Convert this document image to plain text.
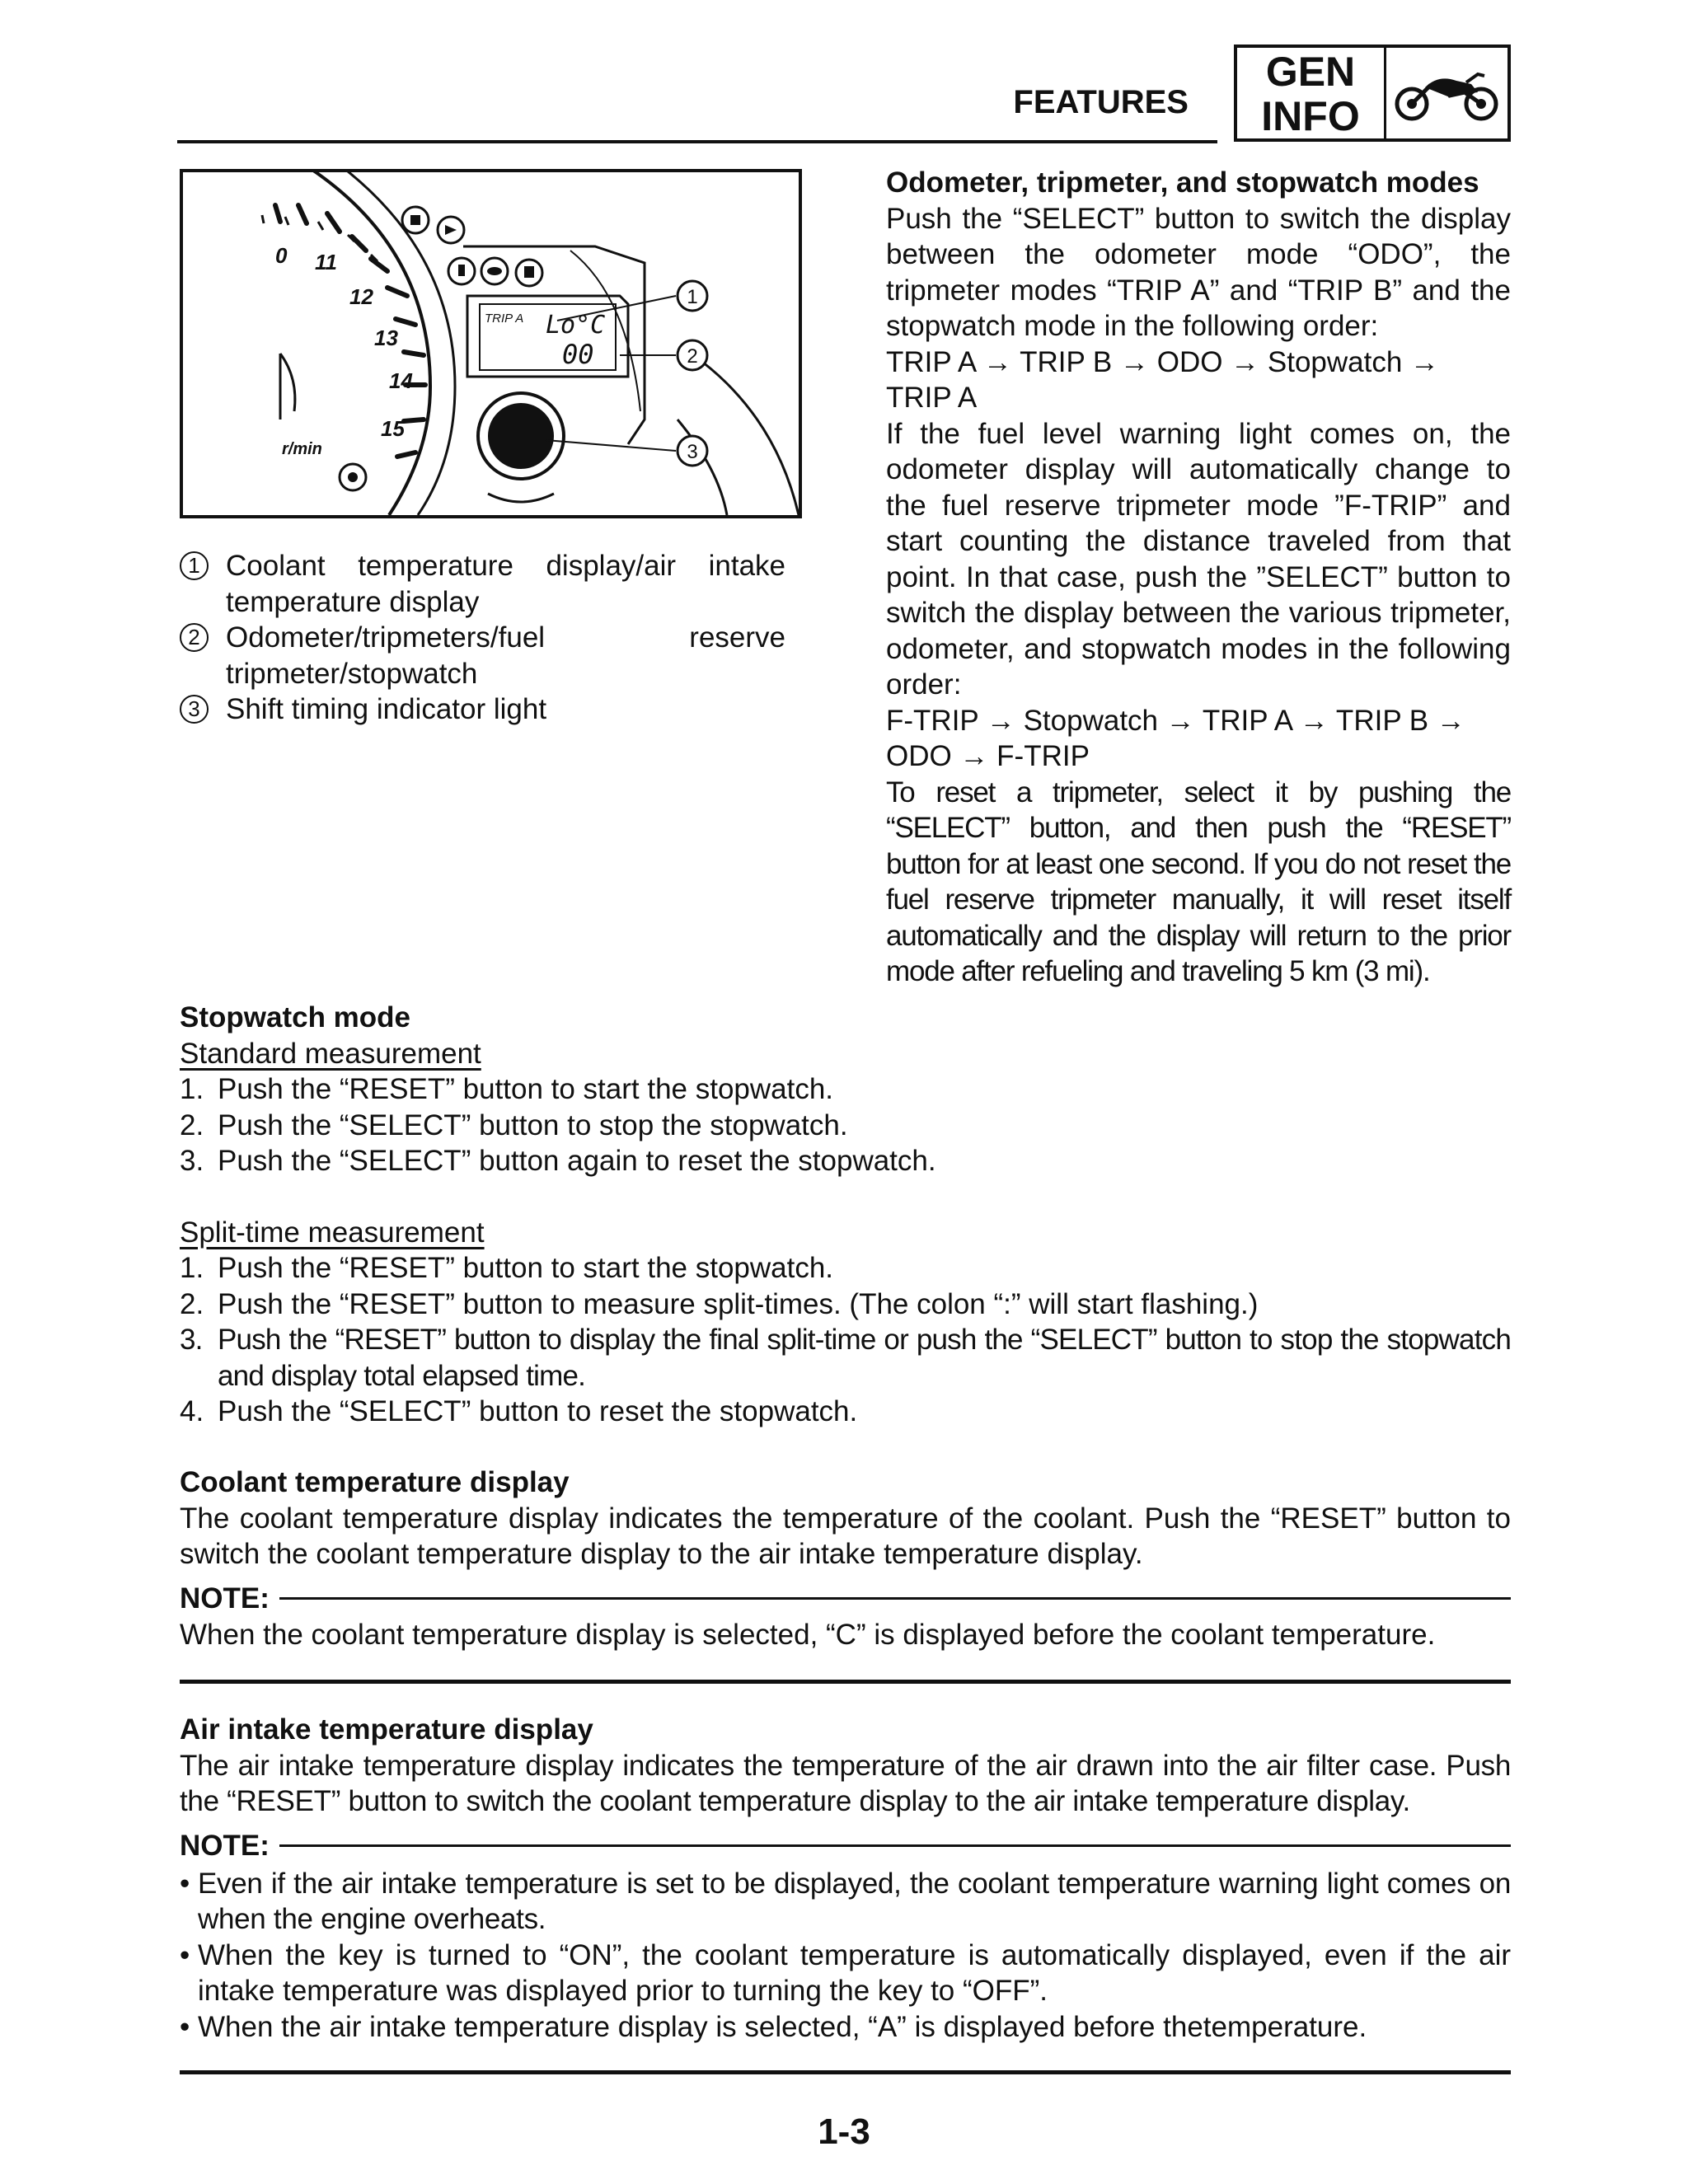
FEATURES
GEN
INFO
0 11
12
13
14
15
r/min
TRIP A Lo°C
00
1
2
3
1 Coolant temperature display/air intake temperature display
2 Odometer/tripmeters/fuel reserve tripmeter/stopwatch
3 Shift timing indicator light
Odometer, tripmeter, and stopwatch modes
Push the “SELECT” button to switch the display between the odometer mode “ODO”, the tripmeter modes “TRIP A” and “TRIP B” and the stopwatch mode in the following order:
TRIP A → TRIP B → ODO → Stopwatch → TRIP A
If the fuel level warning light comes on, the odometer display will automatically change to the fuel reserve tripmeter mode ”F-TRIP” and start counting the distance traveled from that point. In that case, push the ”SELECT” button to switch the display between the various tripmeter, odometer, and stopwatch modes in the following order:
F-TRIP → Stopwatch → TRIP A → TRIP B → ODO → F-TRIP
To reset a tripmeter, select it by pushing the “SELECT” button, and then push the “RESET” button for at least one second. If you do not reset the fuel reserve tripmeter manually, it will reset itself automatically and the display will return to the prior mode after refueling and traveling 5 km (3 mi).
Stopwatch mode
Standard measurement
1. Push the “RESET” button to start the stopwatch.
2. Push the “SELECT” button to stop the stopwatch.
3. Push the “SELECT” button again to reset the stopwatch.
Split-time measurement
1. Push the “RESET” button to start the stopwatch.
2. Push the “RESET” button to measure split-times. (The colon “:” will start flashing.)
3. Push the “RESET” button to display the final split-time or push the “SELECT” button to stop the stopwatch and display total elapsed time.
4. Push the “SELECT” button to reset the stopwatch.
Coolant temperature display
The coolant temperature display indicates the temperature of the coolant. Push the “RESET” button to switch the coolant temperature display to the air intake temperature display.
NOTE:
When the coolant temperature display is selected, “C” is displayed before the coolant temperature.
Air intake temperature display
The air intake temperature display indicates the temperature of the air drawn into the air filter case. Push the “RESET” button to switch the coolant temperature display to the air intake temperature display.
NOTE:
• Even if the air intake temperature is set to be displayed, the coolant temperature warning light comes on when the engine overheats.
• When the key is turned to “ON”, the coolant temperature is automatically displayed, even if the air intake temperature was displayed prior to turning the key to “OFF”.
• When the air intake temperature display is selected, “A” is displayed before thetemperature.
1-3
